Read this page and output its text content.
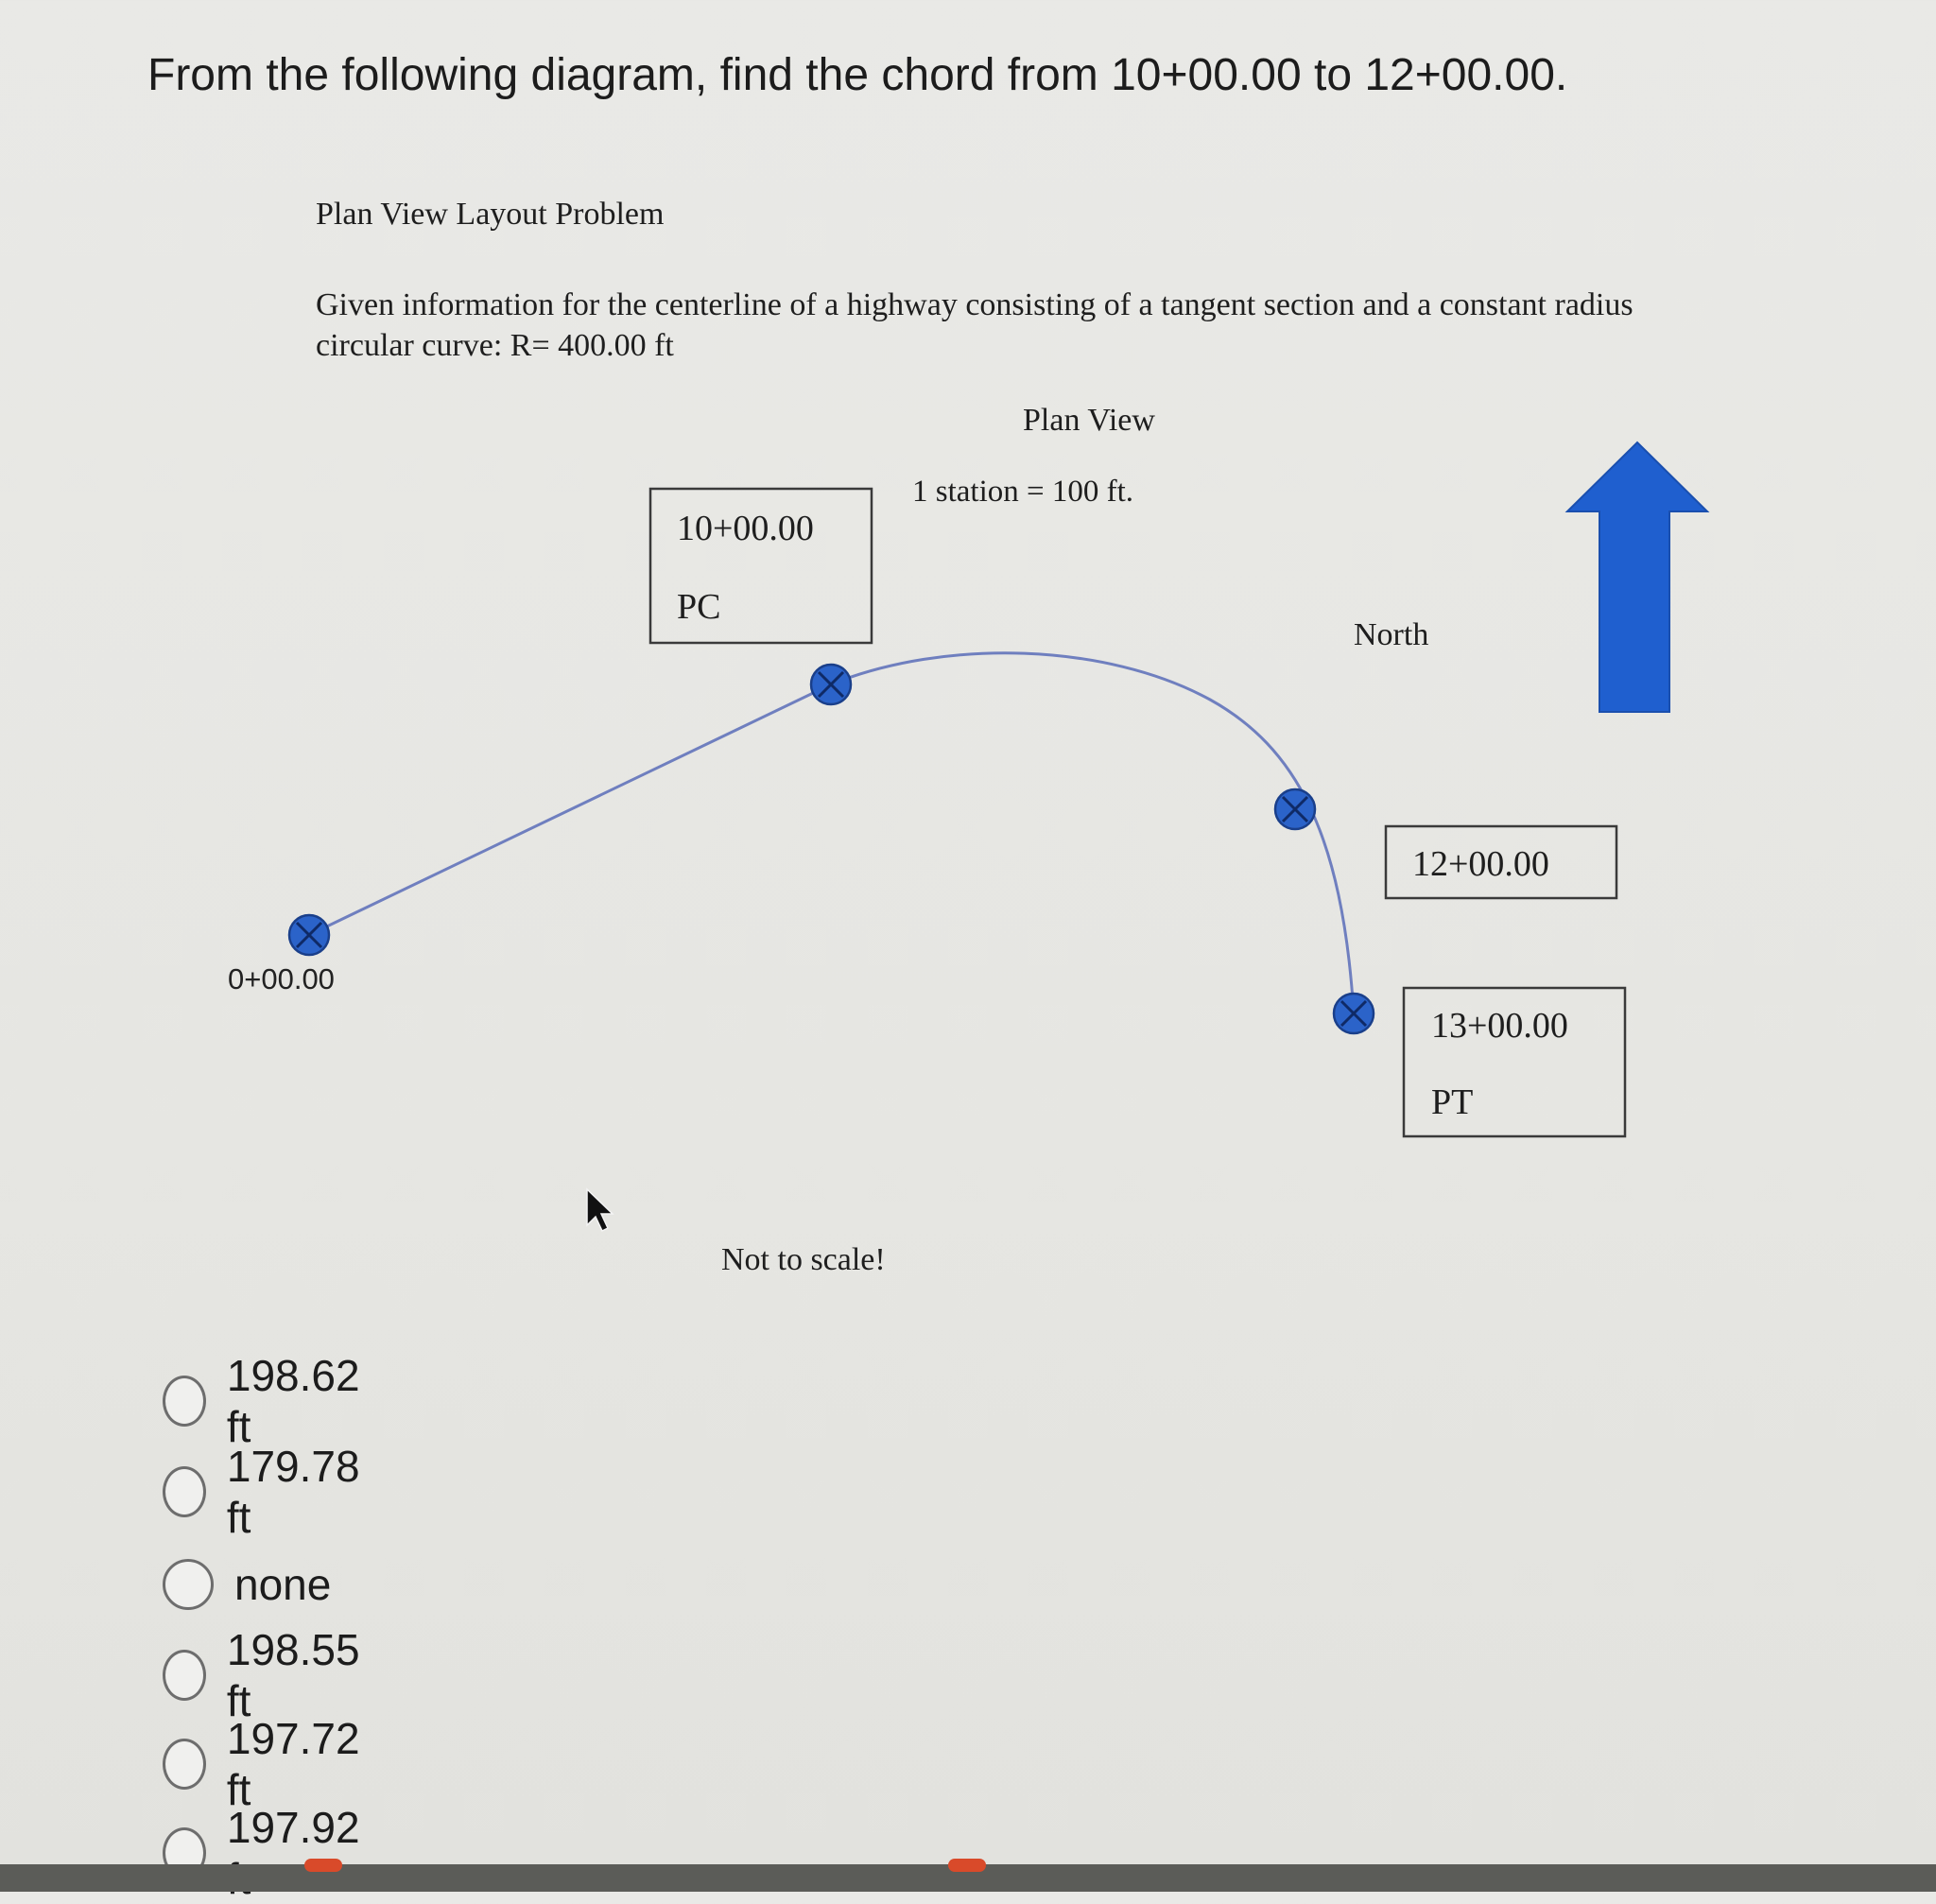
From the following diagram, find the chord from 10+00.00 to 12+00.00.
Plan View Layout Problem
Given information for the centerline of a highway consisting of a tangent section and a constant radius
circular curve: R= 400.00 ft
Plan View
1 station = 100 ft.
10+00.00
PC
North
0+00.00
12+00.00
13+00.00
PT
Not to scale!
198.62 ft
179.78 ft
none
198.55 ft
197.72 ft
197.92
